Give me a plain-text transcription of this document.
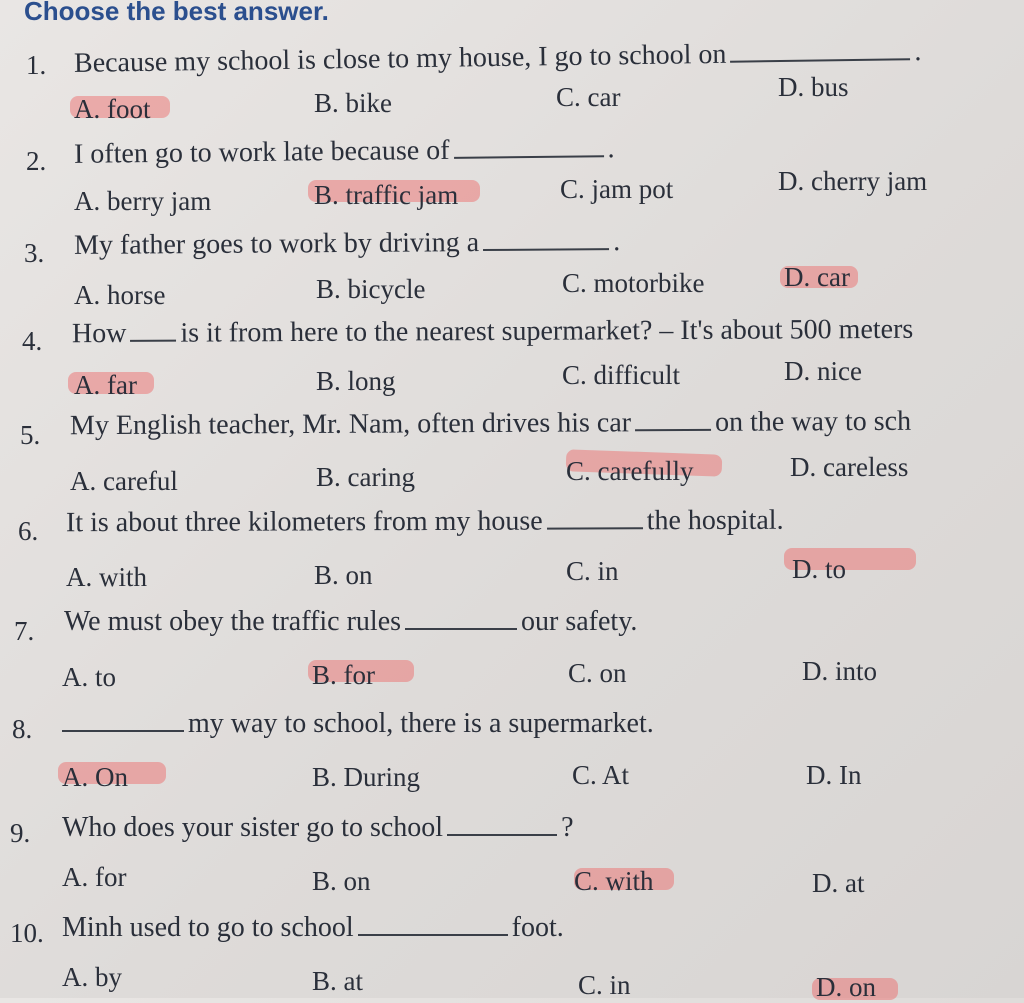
Choose the best answer.
1. Because my school is close to my house, I go to school on	.
A. foot	B. bike	C. car	D. bus
2. I often go to work late because of	.
A. berry jam	B. traffic jam	C. jam pot	D. cherry jam
3. My father goes to work by driving a	.
A. horse	B. bicycle	C. motorbike	D. car
4. How is it from here to the nearest supermarket? – It's about 500 meters
A. far	B. long	C. difficult	D. nice
5. My English teacher, Mr. Nam, often drives his car	on the way to sch
A. careful	B. caring	C. carefully	D. careless
6. It is about three kilometers from my house	the hospital.
A. with	B. on	C. in	D. to
7. We must obey the traffic rules	our safety.
A. to	B. for	C. on	D. into
8.	my way to school, there is a supermarket.
A. On	B. During	C. At	D. In
9. Who does your sister go to school	?
A. for	B. on	C. with	D. at
10. Minh used to go to school	foot.
A. by	B. at	C. in	D. on
